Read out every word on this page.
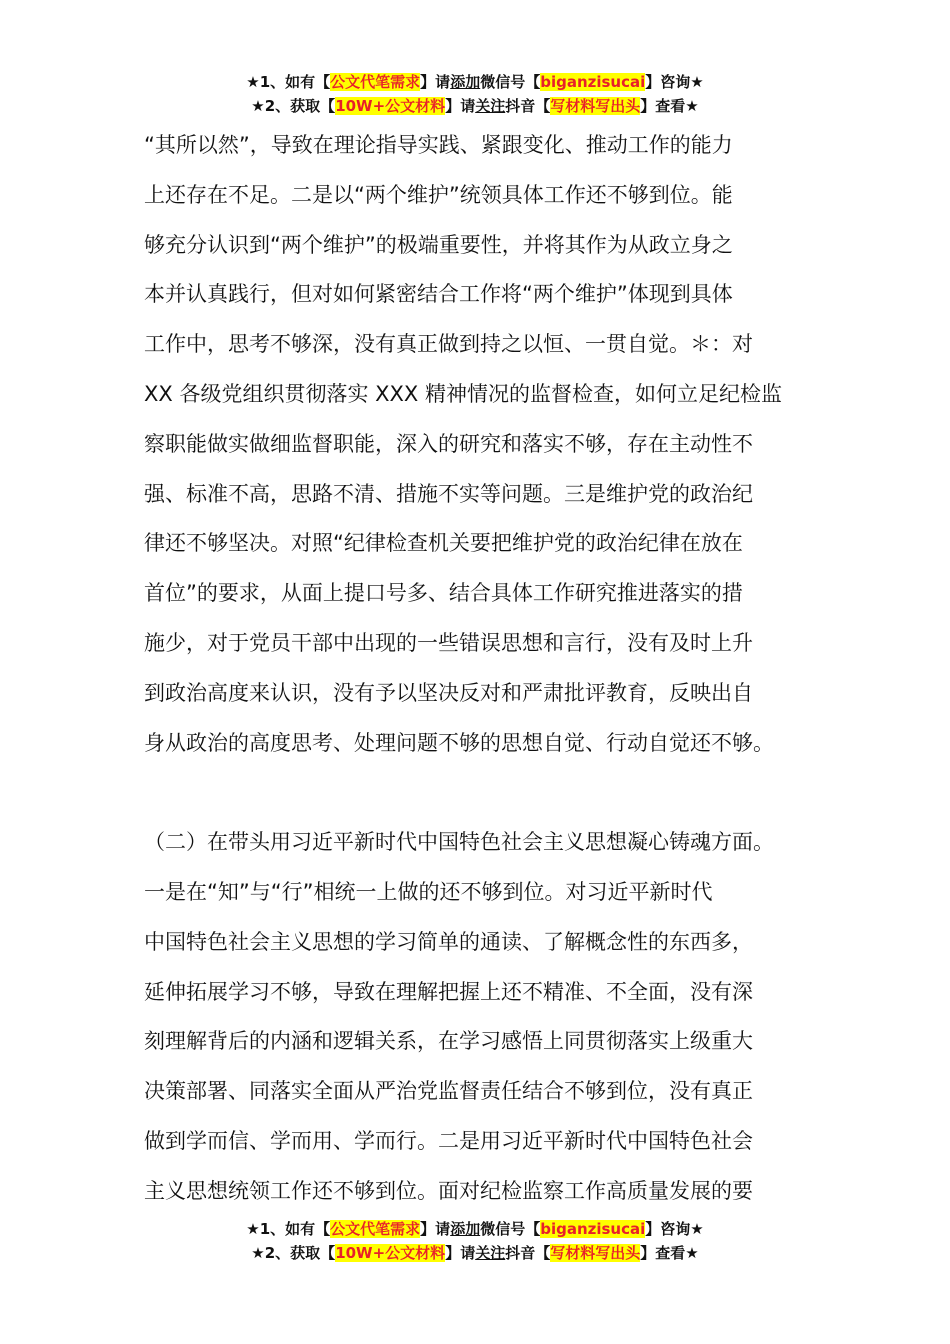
★1、如有【公文代笔需求】请添加微信号【biganzisucai】咨询★
★2、获取【10W+公文材料】请关注抖音【写材料写出头】查看★

“其所以然”，导致在理论指导实践、紧跟变化、推动工作的能力

上还存在不足。二是以“两个维护”统领具体工作还不够到位。能

够充分认识到“两个维护”的极端重要性，并将其作为从政立身之

本并认真践行，但对如何紧密结合工作将“两个维护”体现到具体

工作中，思考不够深，没有真正做到持之以恒、一贯自觉。＊：对

XX 各级党组织贯彻落实 XXX 精神情况的监督检查，如何立足纪检监

察职能做实做细监督职能，深入的研究和落实不够，存在主动性不

强、标准不高，思路不清、措施不实等问题。三是维护党的政治纪

律还不够坚决。对照“纪律检查机关要把维护党的政治纪律在放在

首位”的要求，从面上提口号多、结合具体工作研究推进落实的措

施少，对于党员干部中出现的一些错误思想和言行，没有及时上升

到政治高度来认识，没有予以坚决反对和严肃批评教育，反映出自

身从政治的高度思考、处理问题不够的思想自觉、行动自觉还不够。

（二）在带头用习近平新时代中国特色社会主义思想凝心铸魂方面。

一是在“知”与“行”相统一上做的还不够到位。对习近平新时代

中国特色社会主义思想的学习简单的通读、了解概念性的东西多，

延伸拓展学习不够，导致在理解把握上还不精准、不全面，没有深

刻理解背后的内涵和逻辑关系，在学习感悟上同贯彻落实上级重大

决策部署、同落实全面从严治党监督责任结合不够到位，没有真正

做到学而信、学而用、学而行。二是用习近平新时代中国特色社会

主义思想统领工作还不够到位。面对纪检监察工作高质量发展的要

★1、如有【公文代笔需求】请添加微信号【biganzisucai】咨询★
★2、获取【10W+公文材料】请关注抖音【写材料写出头】查看★
